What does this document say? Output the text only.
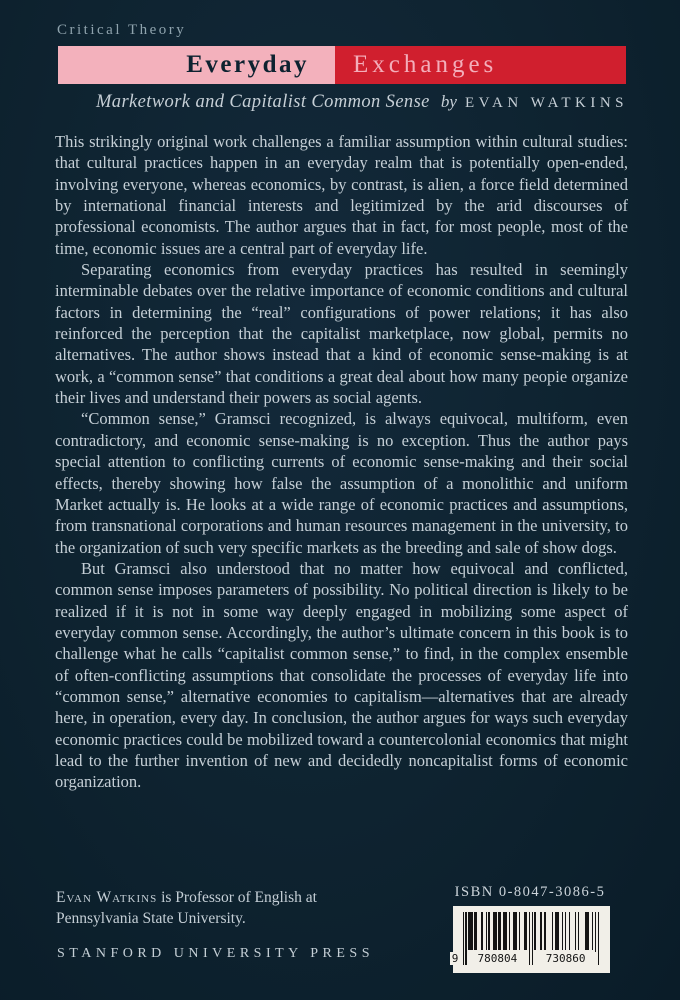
Critical Theory
Everyday Exchanges
Marketwork and Capitalist Common Sense by EVAN WATKINS

This strikingly original work challenges a familiar assumption within cultural studies: that cultural practices happen in an everyday realm that is potentially open-ended, involving everyone, whereas economics, by contrast, is alien, a force field determined by international financial interests and legitimized by the arid discourses of professional economists. The author argues that in fact, for most people, most of the time, economic issues are a central part of everyday life.

Separating economics from everyday practices has resulted in seemingly interminable debates over the relative importance of economic conditions and cultural factors in determining the “real” configurations of power relations; it has also reinforced the perception that the capitalist marketplace, now global, permits no alternatives. The author shows instead that a kind of economic sense-making is at work, a “common sense” that conditions a great deal about how many peopie organize their lives and understand their powers as social agents.

“Common sense,” Gramsci recognized, is always equivocal, multiform, even contradictory, and economic sense-making is no exception. Thus the author pays special attention to conflicting currents of economic sense-making and their social effects, thereby showing how false the assumption of a monolithic and uniform Market actually is. He looks at a wide range of economic practices and assumptions, from transnational corporations and human resources management in the university, to the organization of such very specific markets as the breeding and sale of show dogs.

But Gramsci also understood that no matter how equivocal and conflicted, common sense imposes parameters of possibility. No political direction is likely to be realized if it is not in some way deeply engaged in mobilizing some aspect of everyday common sense. Accordingly, the author’s ultimate concern in this book is to challenge what he calls “capitalist common sense,” to find, in the complex ensemble of often-conflicting assumptions that consolidate the processes of everyday life into “common sense,” alternative economies to capitalism—alternatives that are already here, in operation, every day. In conclusion, the author argues for ways such everyday economic practices could be mobilized toward a countercolonial economics that might lead to the further invention of new and decidedly noncapitalist forms of economic organization.

Evan Watkins is Professor of English at Pennsylvania State University.
STANFORD UNIVERSITY PRESS
ISBN 0-8047-3086-5
9	780804	730860
